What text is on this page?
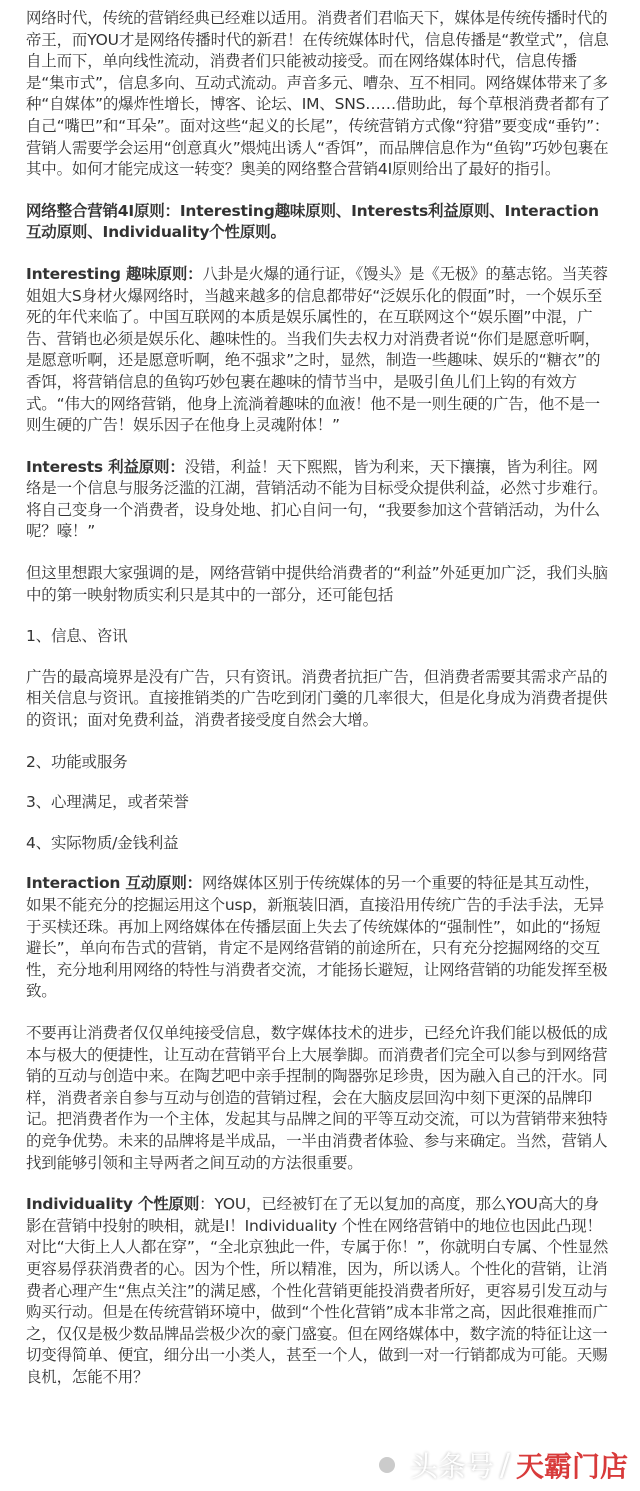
网络时代，传统的营销经典已经难以适用。消费者们君临天下，媒体是传统传播时代的帝王，而YOU才是网络传播时代的新君！在传统媒体时代，信息传播是“教堂式”，信息自上而下，单向线性流动，消费者们只能被动接受。而在网络媒体时代，信息传播是“集市式”，信息多向、互动式流动。声音多元、嘈杂、互不相同。网络媒体带来了多种“自媒体”的爆炸性增长，博客、论坛、IM、SNS……借助此，每个草根消费者都有了自己“嘴巴”和“耳朵”。面对这些“起义的长尾”，传统营销方式像“狩猎”要变成“垂钓”：营销人需要学会运用“创意真火”煨炖出诱人“香饵”，而品牌信息作为“鱼钩”巧妙包裹在其中。如何才能完成这一转变？奥美的网络整合营销4I原则给出了最好的指引。

网络整合营销4I原则：Interesting趣味原则、Interests利益原则、Interaction互动原则、Individuality个性原则。

Interesting 趣味原则：八卦是火爆的通行证，《馒头》是《无极》的墓志铭。当芙蓉姐姐大S身材火爆网络时，当越来越多的信息都带好“泛娱乐化的假面”时，一个娱乐至死的年代来临了。中国互联网的本质是娱乐属性的，在互联网这个“娱乐圈”中混，广告、营销也必须是娱乐化、趣味性的。当我们失去权力对消费者说“你们是愿意听啊，是愿意听啊，还是愿意听啊，绝不强求”之时，显然，制造一些趣味、娱乐的“糖衣”的香饵，将营销信息的鱼钩巧妙包裹在趣味的情节当中，是吸引鱼儿们上钩的有效方式。“伟大的网络营销，他身上流淌着趣味的血液！他不是一则生硬的广告，他不是一则生硬的广告！娱乐因子在他身上灵魂附体！”

Interests 利益原则：没错，利益！天下熙熙，皆为利来，天下攘攘，皆为利往。网络是一个信息与服务泛滥的江湖，营销活动不能为目标受众提供利益，必然寸步难行。将自己变身一个消费者，设身处地、扪心自问一句，“我要参加这个营销活动，为什么呢？嚎！”

但这里想跟大家强调的是，网络营销中提供给消费者的“利益”外延更加广泛，我们头脑中的第一映射物质实利只是其中的一部分，还可能包括

1、信息、咨讯

广告的最高境界是没有广告，只有资讯。消费者抗拒广告，但消费者需要其需求产品的相关信息与资讯。直接推销类的广告吃到闭门羹的几率很大，但是化身成为消费者提供的资讯；面对免费利益，消费者接受度自然会大增。

2、功能或服务

3、心理满足，或者荣誉

4、实际物质/金钱利益

Interaction 互动原则：网络媒体区别于传统媒体的另一个重要的特征是其互动性，如果不能充分的挖掘运用这个usp，新瓶装旧酒，直接沿用传统广告的手法手法，无异于买椟还珠。再加上网络媒体在传播层面上失去了传统媒体的“强制性”，如此的“扬短避长”，单向布告式的营销，肯定不是网络营销的前途所在，只有充分挖掘网络的交互性，充分地利用网络的特性与消费者交流，才能扬长避短，让网络营销的功能发挥至极致。

不要再让消费者仅仅单纯接受信息，数字媒体技术的进步，已经允许我们能以极低的成本与极大的便捷性，让互动在营销平台上大展拳脚。而消费者们完全可以参与到网络营销的互动与创造中来。在陶艺吧中亲手捏制的陶器弥足珍贵，因为融入自己的汗水。同样，消费者亲自参与互动与创造的营销过程，会在大脑皮层回沟中刻下更深的品牌印记。把消费者作为一个主体，发起其与品牌之间的平等互动交流，可以为营销带来独特的竞争优势。未来的品牌将是半成品，一半由消费者体验、参与来确定。当然，营销人找到能够引领和主导两者之间互动的方法很重要。

Individuality 个性原则：YOU，已经被钉在了无以复加的高度，那么YOU高大的身影在营销中投射的映相，就是I！Individuality 个性在网络营销中的地位也因此凸现！对比“大街上人人都在穿”，“全北京独此一件，专属于你！”，你就明白专属、个性显然更容易俘获消费者的心。因为个性，所以精准，因为，所以诱人。个性化的营销，让消费者心理产生“焦点关注”的满足感，个性化营销更能投消费者所好，更容易引发互动与购买行动。但是在传统营销环境中，做到“个性化营销”成本非常之高，因此很难推而广之，仅仅是极少数品牌品尝极少次的豪门盛宴。但在网络媒体中，数字流的特征让这一切变得简单、便宜，细分出一小类人，甚至一个人，做到一对一行销都成为可能。天赐良机，怎能不用？

头条号 / 天霸门店
